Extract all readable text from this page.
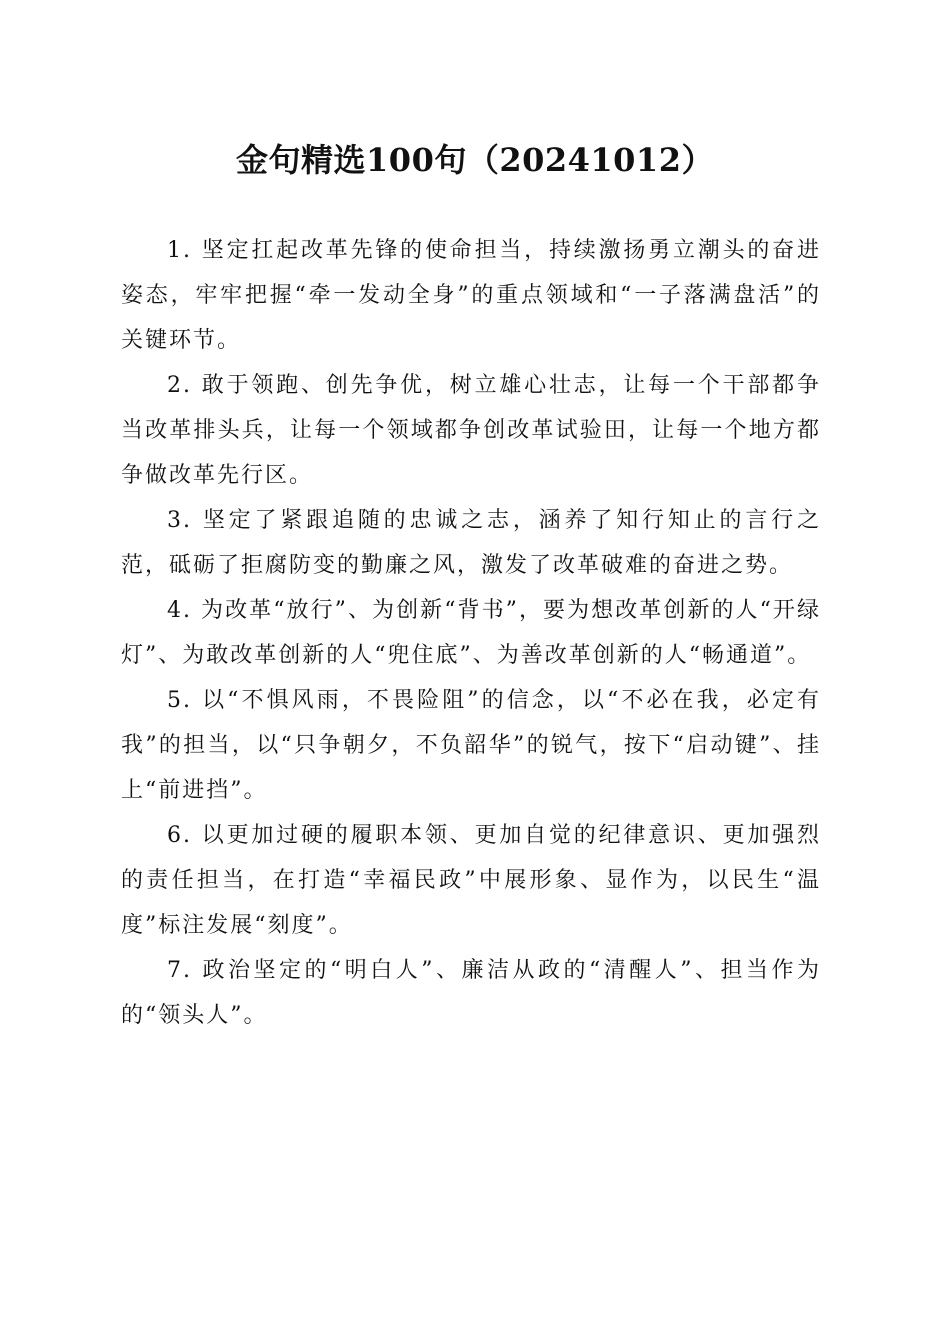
金句精选100句（20241012）

1. 坚定扛起改革先锋的使命担当，持续激扬勇立潮头的奋进姿态，牢牢把握“牵一发动全身”的重点领域和“一子落满盘活”的关键环节。

2. 敢于领跑、创先争优，树立雄心壮志，让每一个干部都争当改革排头兵，让每一个领域都争创改革试验田，让每一个地方都争做改革先行区。

3. 坚定了紧跟追随的忠诚之志，涵养了知行知止的言行之范，砥砺了拒腐防变的勤廉之风，激发了改革破难的奋进之势。

4. 为改革“放行”、为创新“背书”，要为想改革创新的人“开绿灯”、为敢改革创新的人“兜住底”、为善改革创新的人“畅通道”。

5. 以“不惧风雨，不畏险阻”的信念，以“不必在我，必定有我”的担当，以“只争朝夕，不负韶华”的锐气，按下“启动键”、挂上“前进挡”。

6. 以更加过硬的履职本领、更加自觉的纪律意识、更加强烈的责任担当，在打造“幸福民政”中展形象、显作为，以民生“温度”标注发展“刻度”。

7. 政治坚定的“明白人”、廉洁从政的“清醒人”、担当作为的“领头人”。
